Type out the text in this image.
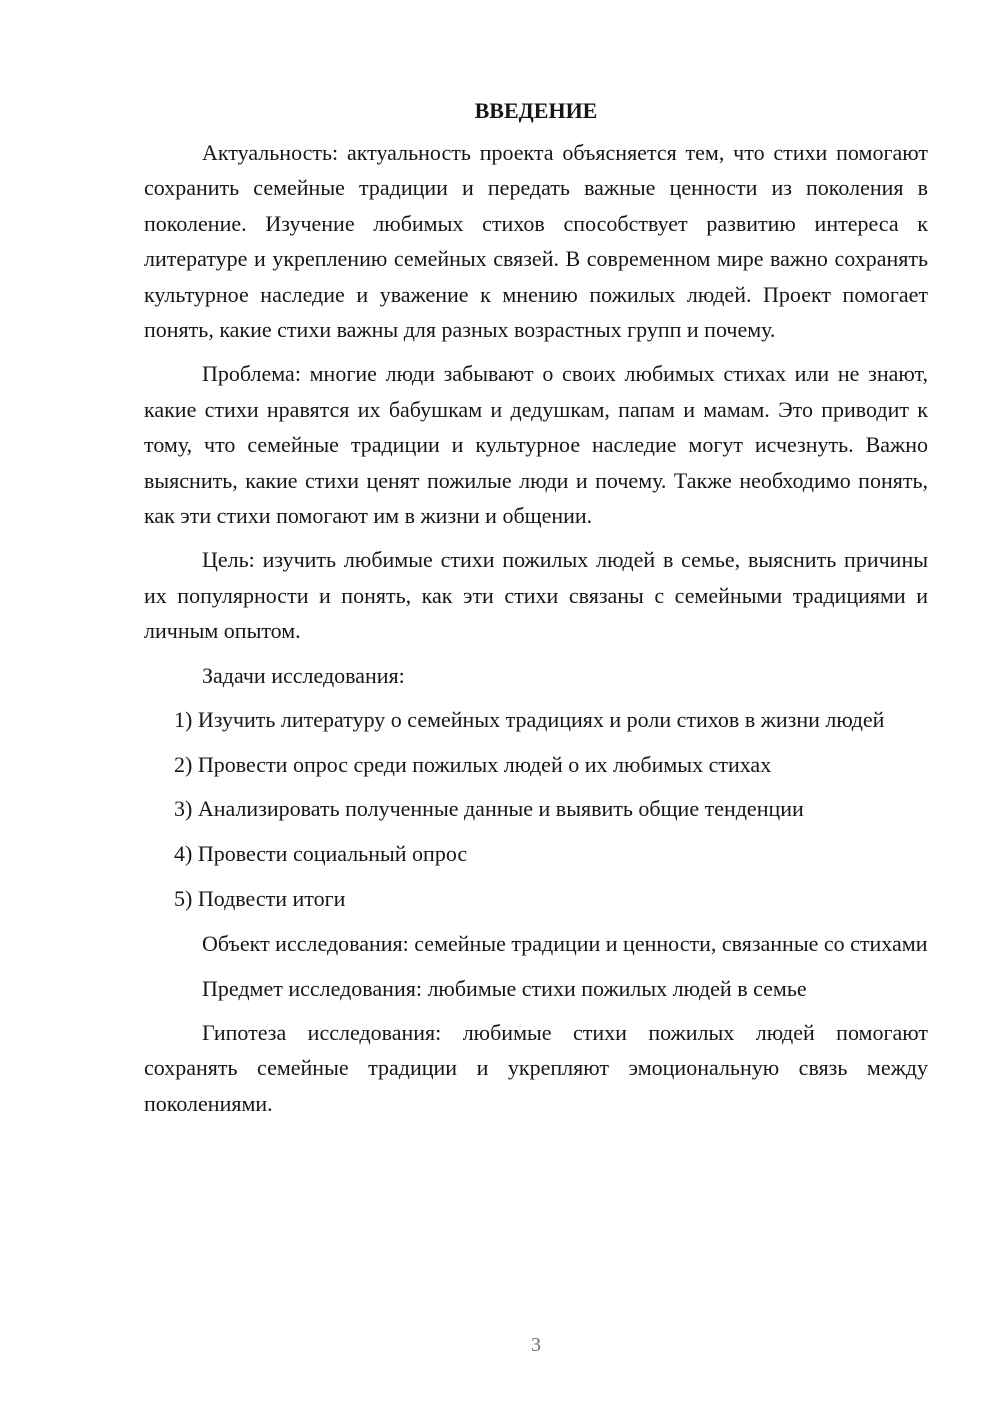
ВВЕДЕНИЕ

Актуальность: актуальность проекта объясняется тем, что стихи помогают сохранить семейные традиции и передать важные ценности из поколения в поколение. Изучение любимых стихов способствует развитию интереса к литературе и укреплению семейных связей. В современном мире важно сохранять культурное наследие и уважение к мнению пожилых людей. Проект помогает понять, какие стихи важны для разных возрастных групп и почему.

Проблема: многие люди забывают о своих любимых стихах или не знают, какие стихи нравятся их бабушкам и дедушкам, папам и мамам. Это приводит к тому, что семейные традиции и культурное наследие могут исчезнуть. Важно выяснить, какие стихи ценят пожилые люди и почему. Также необходимо понять, как эти стихи помогают им в жизни и общении.

Цель: изучить любимые стихи пожилых людей в семье, выяснить причины их популярности и понять, как эти стихи связаны с семейными традициями и личным опытом.

Задачи исследования:

1) Изучить литературу о семейных традициях и роли стихов в жизни людей

2) Провести опрос среди пожилых людей о их любимых стихах

3) Анализировать полученные данные и выявить общие тенденции

4) Провести социальный опрос

5) Подвести итоги

Объект исследования: семейные традиции и ценности, связанные со стихами

Предмет исследования: любимые стихи пожилых людей в семье

Гипотеза исследования: любимые стихи пожилых людей помогают сохранять семейные традиции и укрепляют эмоциональную связь между поколениями.

3
